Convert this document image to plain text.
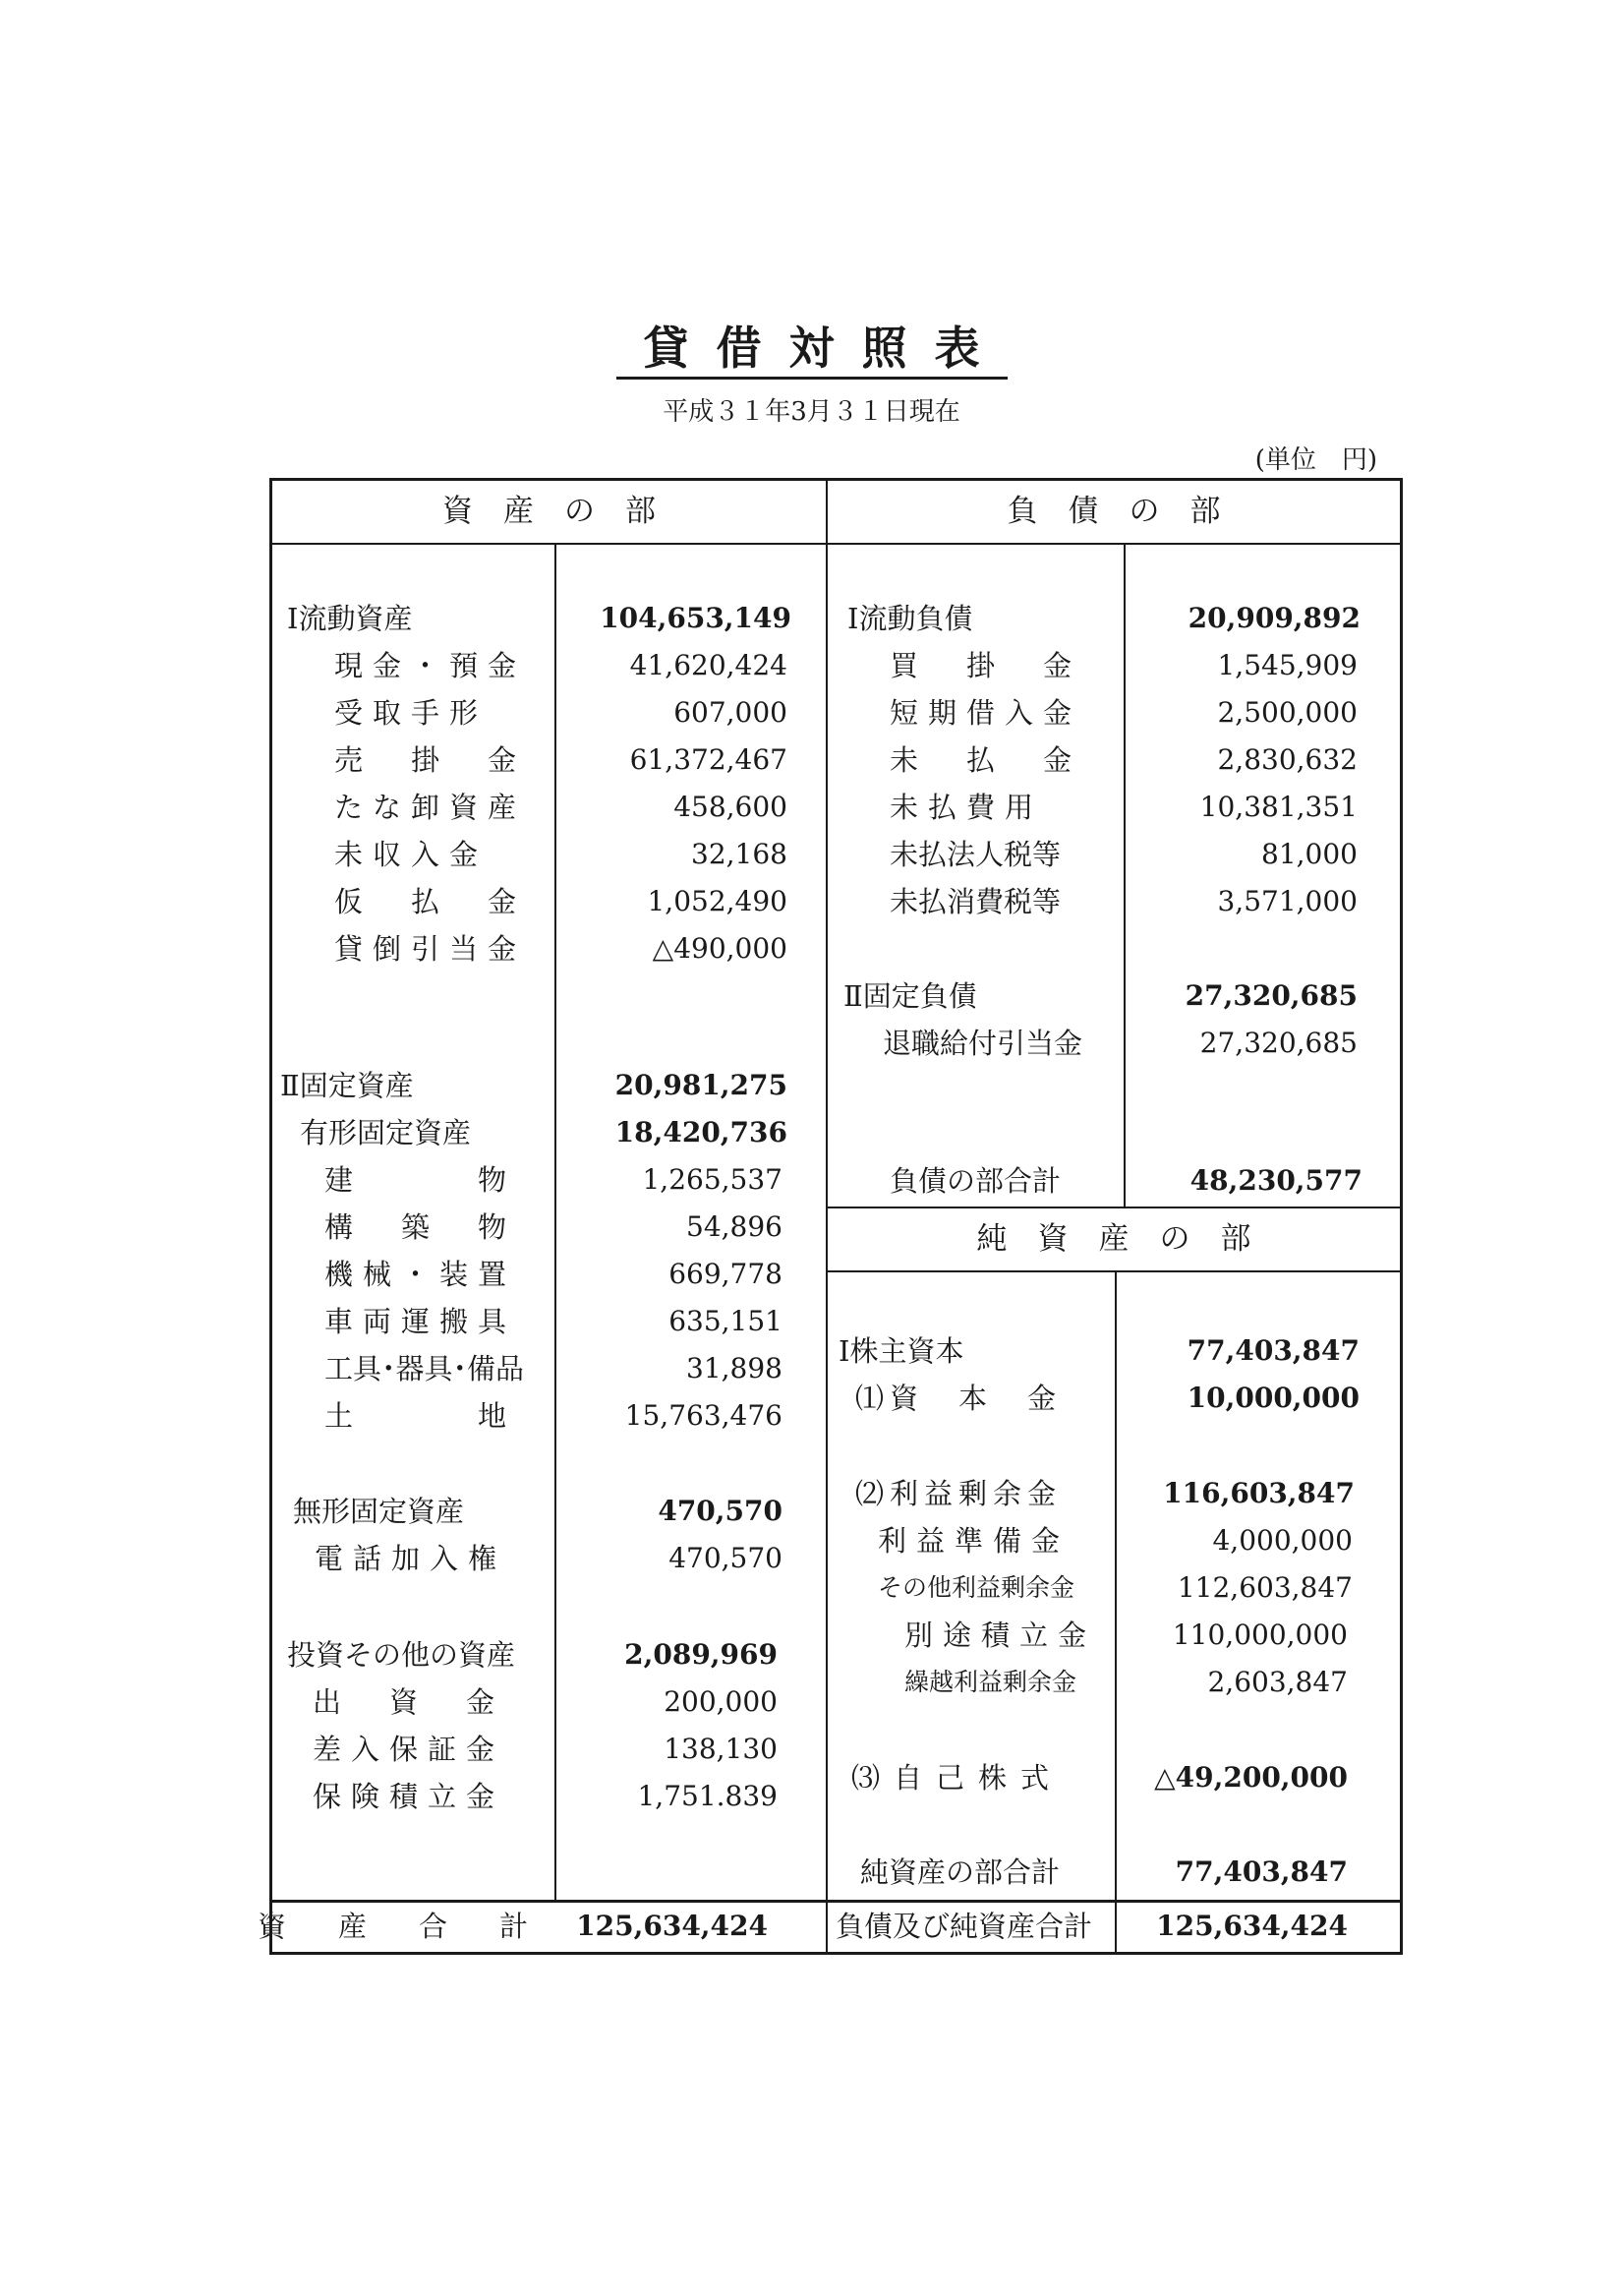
貸借対照表
平成３１年3月３１日現在
(単位　円)
資　産　の　部	負　債　の　部
純　資　産　の　部
Ⅰ流動資産	104,653,149
現金・預金	41,620,424
受取手形	607,000
売　掛　金	61,372,467
たな卸資産	458,600
未収入金	32,168
仮　払　金	1,052,490
貸倒引当金	△490,000
Ⅱ固定資産	20,981,275
有形固定資産	18,420,736
建　　　物	1,265,537
構　築　物	54,896
機械・装置	669,778
車両運搬具	635,151
工具･器具･備品	31,898
土　　　地	15,763,476
無形固定資産	470,570
電話加入権	470,570
投資その他の資産	2,089,969
出　資　金	200,000
差入保証金	138,130
保険積立金	1,751.839
資　産　合　計 125,634,424
Ⅰ流動負債	20,909,892
買　掛　金	1,545,909
短期借入金	2,500,000
未　払　金	2,830,632
未払費用	10,381,351
未払法人税等	81,000
未払消費税等	3,571,000
Ⅱ固定負債	27,320,685
退職給付引当金	27,320,685
負債の部合計	48,230,577
Ⅰ株主資本	77,403,847
⑴資　本　金	10,000,000
⑵利益剰余金	116,603,847
利益準備金	4,000,000
その他利益剰余金	112,603,847
別途積立金	110,000,000
繰越利益剰余金	2,603,847
⑶自己株式	△49,200,000
純資産の部合計	77,403,847
負債及び純資産合計 125,634,424
